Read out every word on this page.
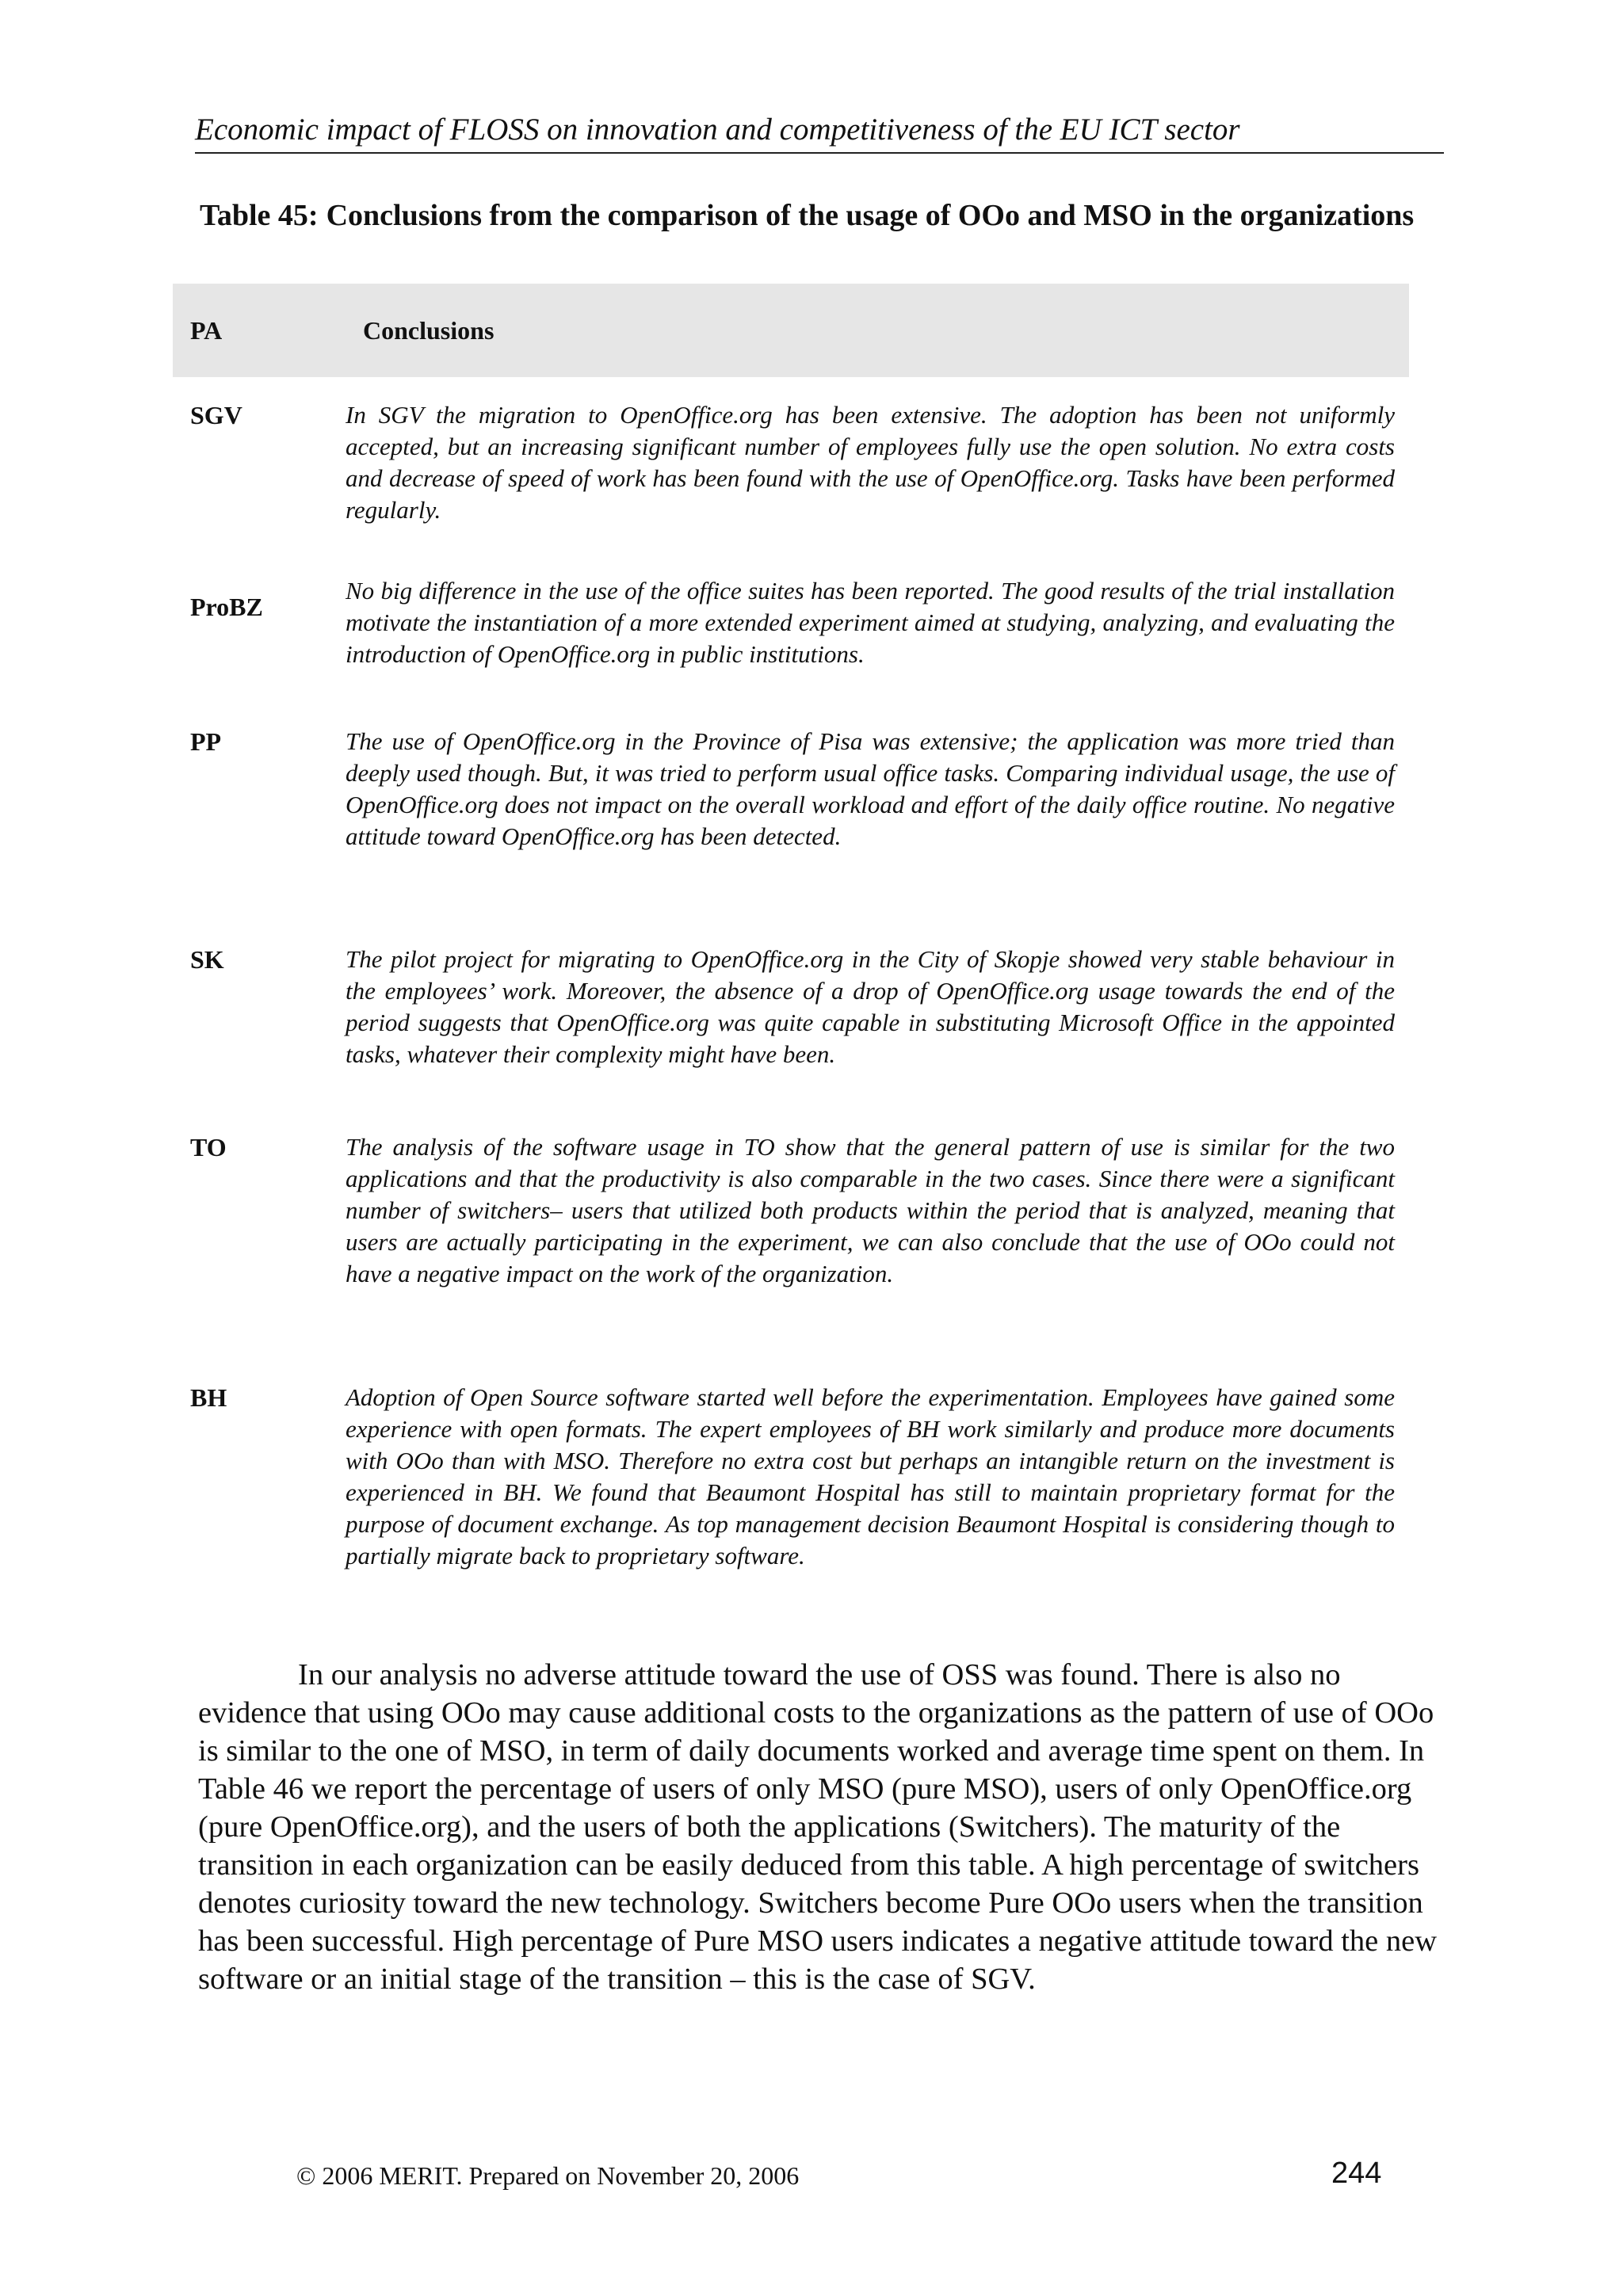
Economic impact of FLOSS on innovation and competitiveness of the EU ICT sector
Table 45: Conclusions from the comparison of the usage of OOo and MSO in the organizations
PA	Conclusions
SGV	In SGV the migration to OpenOffice.org has been extensive. The adoption has been not uniformly accepted, but an increasing significant number of employees fully use the open solution. No extra costs and decrease of speed of work has been found with the use of OpenOffice.org. Tasks have been performed regularly.
ProBZ	No big difference in the use of the office suites has been reported. The good results of the trial installation motivate the instantiation of a more extended experiment aimed at studying, analyzing, and evaluating the introduction of OpenOffice.org in public institutions.
PP	The use of OpenOffice.org in the Province of Pisa was extensive; the application was more tried than deeply used though. But, it was tried to perform usual office tasks. Comparing individual usage, the use of OpenOffice.org does not impact on the overall workload and effort of the daily office routine. No negative attitude toward OpenOffice.org has been detected.
SK	The pilot project for migrating to OpenOffice.org in the City of Skopje showed very stable behaviour in the employees’ work. Moreover, the absence of a drop of OpenOffice.org usage towards the end of the period suggests that OpenOffice.org was quite capable in substituting Microsoft Office in the appointed tasks, whatever their complexity might have been.
TO	The analysis of the software usage in TO show that the general pattern of use is similar for the two applications and that the productivity is also comparable in the two cases. Since there were a significant number of switchers– users that utilized both products within the period that is analyzed, meaning that users are actually participating in the experiment, we can also conclude that the use of OOo could not have a negative impact on the work of the organization.
BH	Adoption of Open Source software started well before the experimentation. Employees have gained some experience with open formats. The expert employees of BH work similarly and produce more documents with OOo than with MSO. Therefore no extra cost but perhaps an intangible return on the investment is experienced in BH. We found that Beaumont Hospital has still to maintain proprietary format for the purpose of document exchange. As top management decision Beaumont Hospital is considering though to partially migrate back to proprietary software.

In our analysis no adverse attitude toward the use of OSS was found. There is also no evidence that using OOo may cause additional costs to the organizations as the pattern of use of OOo is similar to the one of MSO, in term of daily documents worked and average time spent on them. In Table 46 we report the percentage of users of only MSO (pure MSO), users of only OpenOffice.org (pure OpenOffice.org), and the users of both the applications (Switchers). The maturity of the transition in each organization can be easily deduced from this table. A high percentage of switchers denotes curiosity toward the new technology. Switchers become Pure OOo users when the transition has been successful. High percentage of Pure MSO users indicates a negative attitude toward the new software or an initial stage of the transition – this is the case of SGV.

© 2006 MERIT. Prepared on November 20, 2006	244
